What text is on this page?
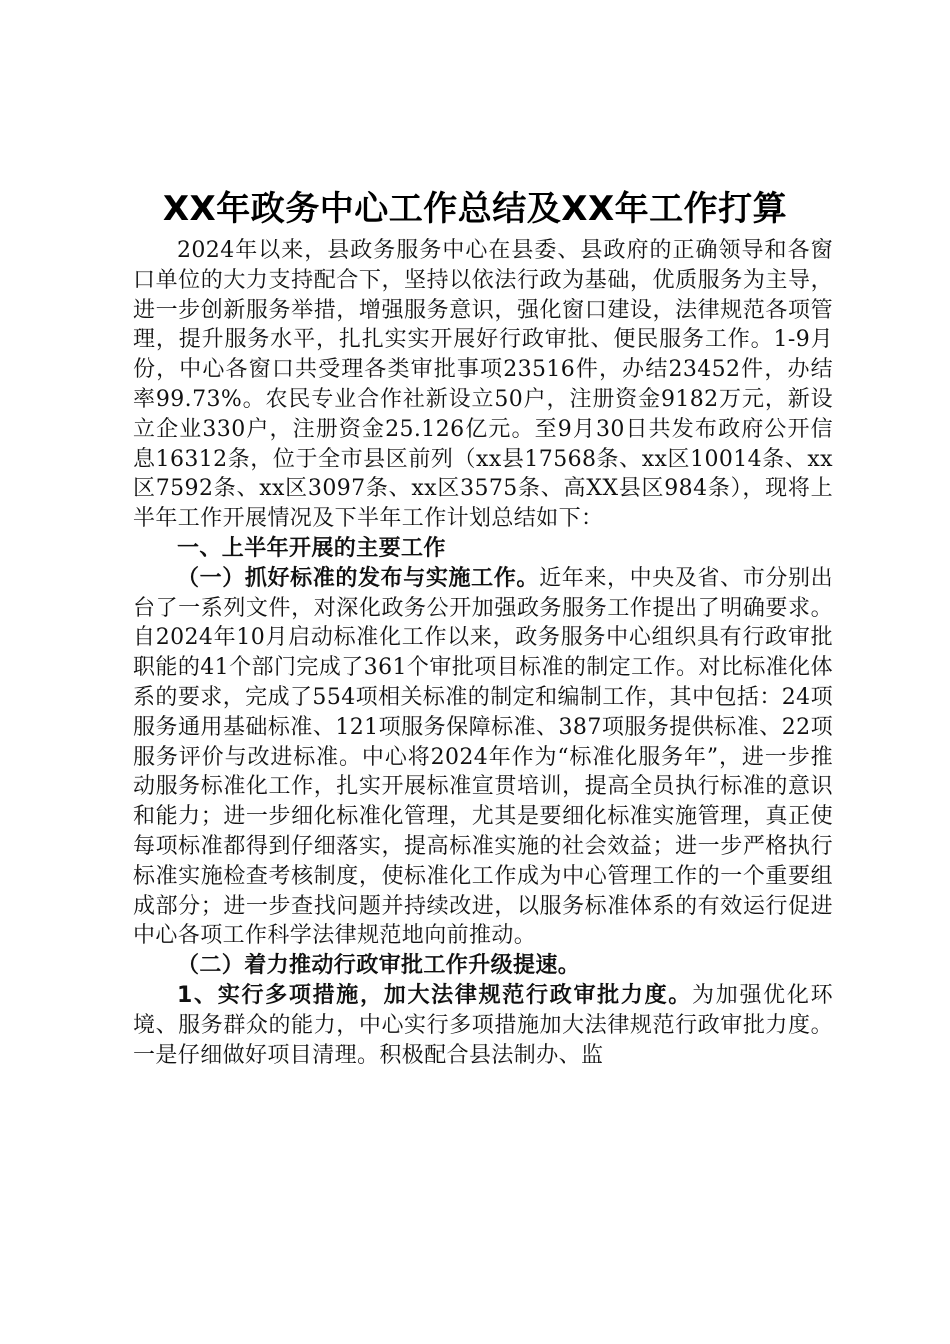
XX年政务中心工作总结及XX年工作打算

2024年以来，县政务服务中心在县委、县政府的正确领导和各窗口单位的大力支持配合下，坚持以依法行政为基础，优质服务为主导，进一步创新服务举措，增强服务意识，强化窗口建设，法律规范各项管理，提升服务水平，扎扎实实开展好行政审批、便民服务工作。1-9月份，中心各窗口共受理各类审批事项23516件，办结23452件，办结率99.73%。农民专业合作社新设立50户，注册资金9182万元，新设立企业330户，注册资金25.126亿元。至9月30日共发布政府公开信息16312条，位于全市县区前列（xx县17568条、xx区10014条、xx区7592条、xx区3097条、xx区3575条、高XX县区984条），现将上半年工作开展情况及下半年工作计划总结如下：

一、上半年开展的主要工作

（一）抓好标准的发布与实施工作。近年来，中央及省、市分别出台了一系列文件，对深化政务公开加强政务服务工作提出了明确要求。自2024年10月启动标准化工作以来，政务服务中心组织具有行政审批职能的41个部门完成了361个审批项目标准的制定工作。对比标准化体系的要求，完成了554项相关标准的制定和编制工作，其中包括：24项服务通用基础标准、121项服务保障标准、387项服务提供标准、22项服务评价与改进标准。中心将2024年作为“标准化服务年”，进一步推动服务标准化工作，扎实开展标准宣贯培训，提高全员执行标准的意识和能力；进一步细化标准化管理，尤其是要细化标准实施管理，真正使每项标准都得到仔细落实，提高标准实施的社会效益；进一步严格执行标准实施检查考核制度，使标准化工作成为中心管理工作的一个重要组成部分；进一步查找问题并持续改进，以服务标准体系的有效运行促进中心各项工作科学法律规范地向前推动。

（二）着力推动行政审批工作升级提速。

1、实行多项措施，加大法律规范行政审批力度。为加强优化环境、服务群众的能力，中心实行多项措施加大法律规范行政审批力度。一是仔细做好项目清理。积极配合县法制办、监
